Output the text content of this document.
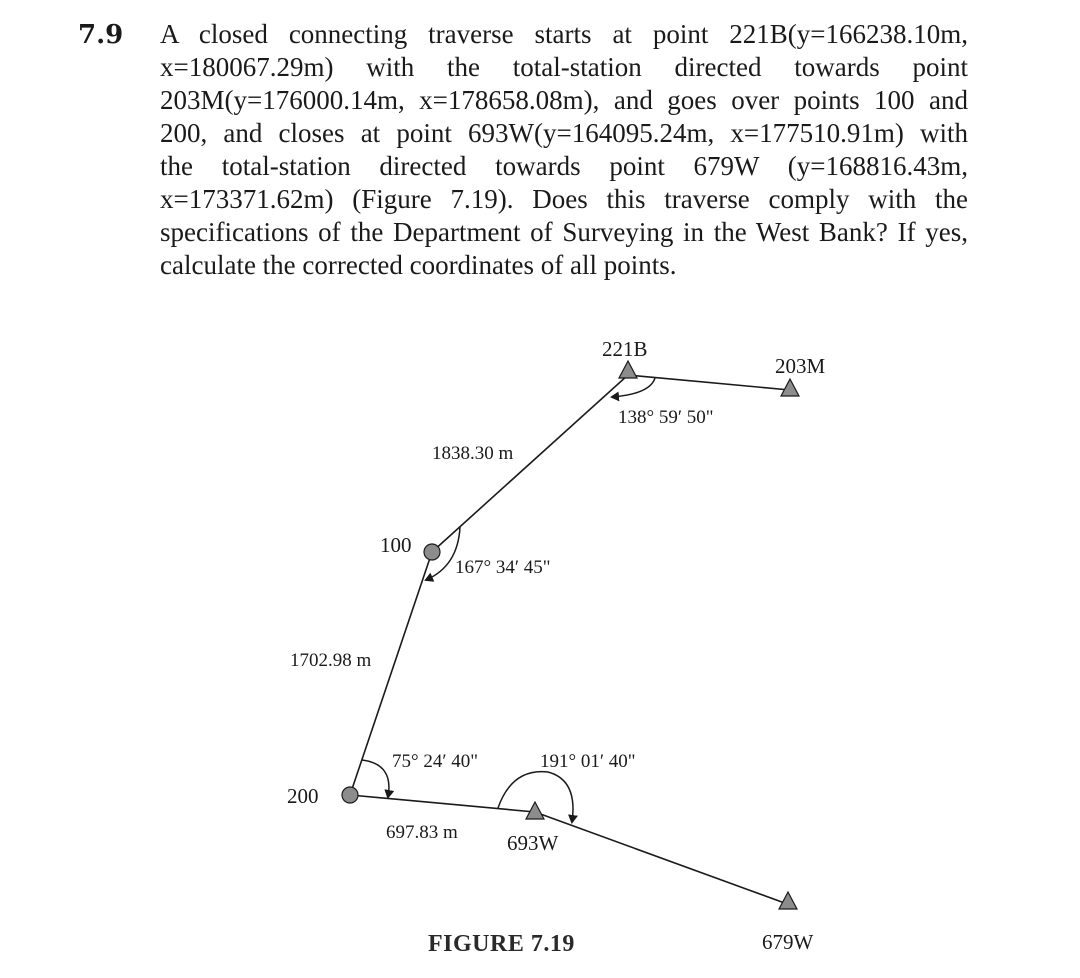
7.9 A closed connecting traverse starts at point 221B(y=166238.10m,
x=180067.29m) with the total-station directed towards point
203M(y=176000.14m, x=178658.08m), and goes over points 100 and
200, and closes at point 693W(y=164095.24m, x=177510.91m) with
the total-station directed towards point 679W (y=168816.43m,
x=173371.62m) (Figure 7.19). Does this traverse comply with the
specifications of the Department of Surveying in the West Bank? If yes,
calculate the corrected coordinates of all points.
221B
203M
100
200
693W
679W
1838.30 m
1702.98 m
697.83 m
138° 59′ 50"
167° 34′ 45"
75° 24′ 40"	191° 01′ 40"
FIGURE 7.19
